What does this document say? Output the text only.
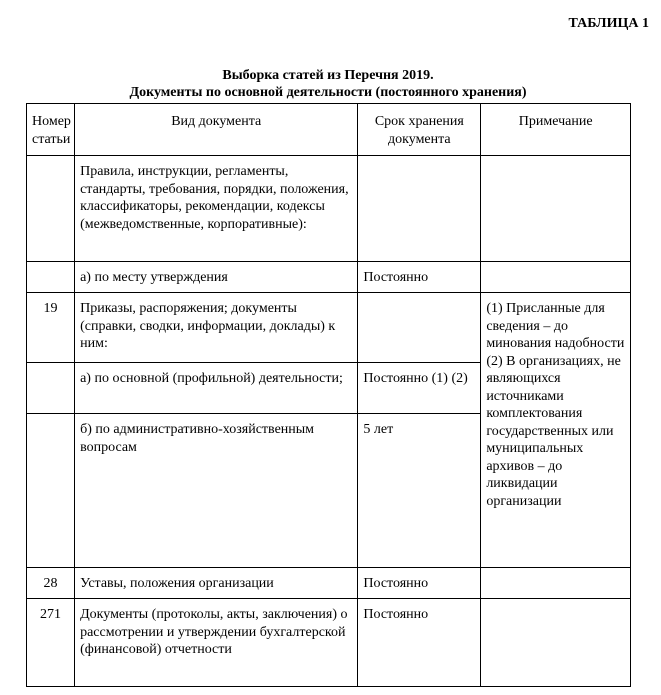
ТАБЛИЦА 1
Выборка статей из Перечня 2019.
Документы по основной деятельности (постоянного хранения)
Номер статьи	Вид документа	Срок хранения документа	Примечание
	Правила, инструкции, регламенты, стандарты, требования, порядки, положения, классификаторы, рекомендации, кодексы (межведомственные, корпоративные):		
	а) по месту утверждения	Постоянно	
19	Приказы, распоряжения; документы (справки, сводки, информации, доклады) к ним:		(1) Присланные для сведения – до минования надобности
(2) В организациях, не являющихся источниками комплектования государственных или муниципальных архивов – до ликвидации организации
	а) по основной (профильной) деятельности;	Постоянно (1) (2)	
	б) по административно-хозяйственным вопросам	5 лет	
28	Уставы, положения организации	Постоянно	
271	Документы (протоколы, акты, заключения) о рассмотрении и утверждении бухгалтерской (финансовой) отчетности	Постоянно	
